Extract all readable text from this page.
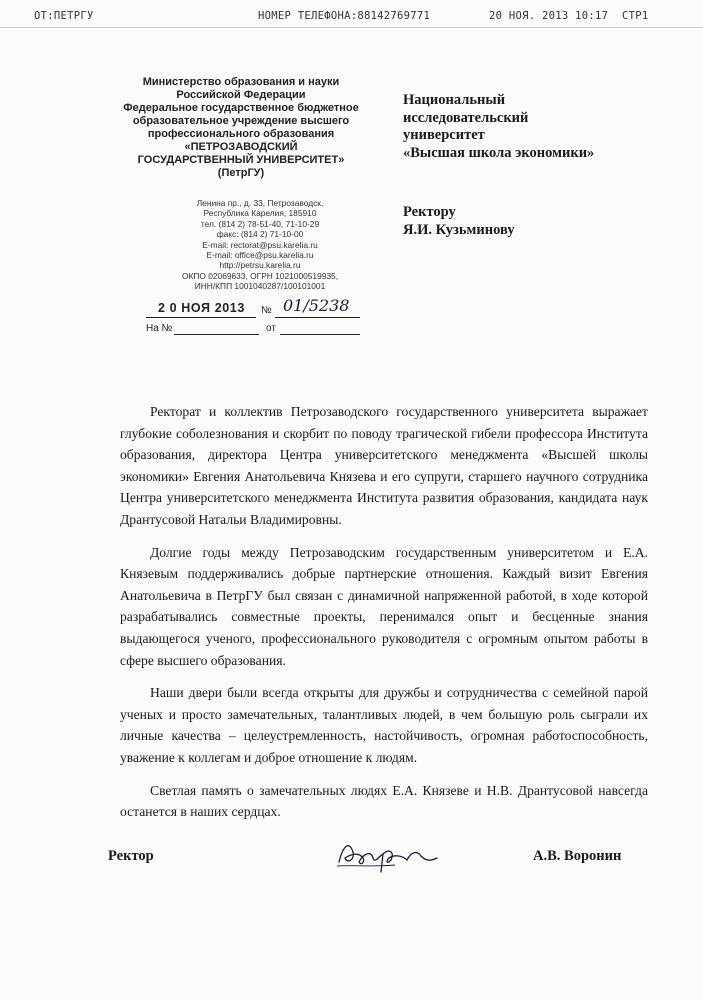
ОТ:ПЕТРГУ	НОМЕР ТЕЛЕФОНА:88142769771	20 НОЯ. 2013 10:17 СТР1
Министерство образования и науки
Российской Федерации
Федеральное государственное бюджетное
образовательное учреждение высшего
профессионального образования
«ПЕТРОЗАВОДСКИЙ
ГОСУДАРСТВЕННЫЙ УНИВЕРСИТЕТ»
(ПетрГУ)
Ленина пр., д. 33, Петрозаводск,
Республика Карелия, 185910
тел. (814 2) 78-51-40, 71-10-29
факс: (814 2) 71-10-00
E-mail: rectorat@psu.karelia.ru
E-mail: office@psu.karelia.ru
http://petrsu.karelia.ru
ОКПО 02069633, ОГРН 1021000519935,
ИНН/КПП 1001040287/100101001
2 0 НОЯ 2013 № 01/5238
На №	от
Национальный
исследовательский
университет
«Высшая школа экономики»
Ректору
Я.И. Кузьминову
Ректорат и коллектив Петрозаводского государственного университета выражает
глубокие соболезнования и скорбит по поводу трагической гибели профессора Института
образования, директора Центра университетского менеджмента «Высшей школы
экономики» Евгения Анатольевича Князева и его супруги, старшего научного сотрудника
Центра университетского менеджмента Института развития образования, кандидата наук
Дрантусовой Натальи Владимировны.
Долгие годы между Петрозаводским государственным университетом и Е.А.
Князевым поддерживались добрые партнерские отношения. Каждый визит Евгения
Анатольевича в ПетрГУ был связан с динамичной напряженной работой, в ходе которой
разрабатывались совместные проекты, перенимался опыт и бесценные знания
выдающегося ученого, профессионального руководителя с огромным опытом работы в
сфере высшего образования.
Наши двери были всегда открыты для дружбы и сотрудничества с семейной парой
ученых и просто замечательных, талантливых людей, в чем большую роль сыграли их
личные качества – целеустремленность, настойчивость, огромная работоспособность,
уважение к коллегам и доброе отношение к людям.
Светлая память о замечательных людях Е.А. Князеве и Н.В. Дрантусовой навсегда
останется в наших сердцах.
Ректор	А.В. Воронин
